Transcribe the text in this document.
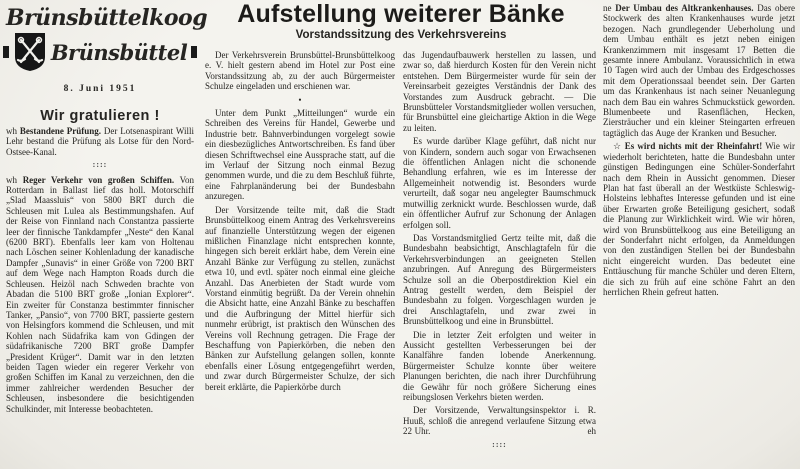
Brünsbüttelkoog
Brünsbüttel
8. Juni 1951
Wir gratulieren !

wh Bestandene Prüfung. Der Lotsenaspirant Willi Lehr bestand die Prüfung als Lotse für den Nord-Ostsee-Kanal.

::::

wh Reger Verkehr von großen Schiffen. Von Rotterdam in Ballast lief das holl. Motorschiff „Slad Maassluis“ von 5800 BRT durch die Schleusen mit Lulea als Bestimmungshafen. Auf der Reise von Finnland nach Constantza passierte leer der finnische Tankdampfer „Neste“ den Kanal (6200 BRT). Ebenfalls leer kam von Holtenau nach Löschen seiner Kohlenladung der kanadische Dampfer „Sunavis“ in einer Größe von 7200 BRT auf dem Wege nach Hampton Roads durch die Schleusen. Heizöl nach Schweden brachte von Abadan die 5100 BRT große „Ionian Explorer“. Ein zweiter für Constanza bestimmter finnischer Tanker, „Pansio“, von 7700 BRT, passierte gestern von Helsingfors kommend die Schleusen, und mit Kohlen nach Südafrika kam von Gdingen der südafrikanische 7200 BRT große Dampfer „President Krüger“. Damit war in den letzten beiden Tagen wieder ein regerer Verkehr von großen Schiffen im Kanal zu verzeichnen, den die immer zahlreicher werdenden Besucher der Schleusen, insbesondere die besichtigenden Schulkinder, mit Interesse beobachteten.

Aufstellung weiterer Bänke
Vorstandssitzung des Verkehrsvereins

Der Verkehrsverein Brunsbüttel-Brunsbüttelkoog e. V. hielt gestern abend im Hotel zur Post eine Vorstandssitzung ab, zu der auch Bürgermeister Schulze eingeladen und erschienen war.

•

Unter dem Punkt „Mitteilungen“ wurde ein Schreiben des Vereins für Handel, Gewerbe und Industrie betr. Bahnverbindungen vorgelegt sowie ein diesbezügliches Antwortschreiben. Es fand über diesen Schriftwechsel eine Aussprache statt, auf die im Verlauf der Sitzung noch einmal Bezug genommen wurde, und die zu dem Beschluß führte, eine Fahrplanänderung bei der Bundesbahn anzuregen.

Der Vorsitzende teilte mit, daß die Stadt Brunsbüttelkoog einem Antrag des Verkehrsvereins auf finanzielle Unterstützung wegen der eigenen mißlichen Finanzlage nicht entsprechen konnte, hingegen sich bereit erklärt habe, dem Verein eine Anzahl Bänke zur Verfügung zu stellen, zunächst etwa 10, und evtl. später noch einmal eine gleiche Anzahl. Das Anerbieten der Stadt wurde vom Vorstand einmütig begrüßt. Da der Verein ohnehin die Absicht hatte, eine Anzahl Bänke zu beschaffen und die Aufbringung der Mittel hierfür sich nunmehr erübrigt, ist praktisch den Wünschen des Vereins voll Rechnung getragen. Die Frage der Beschaffung von Papierkörben, die neben den Bänken zur Aufstellung gelangen sollen, konnte ebenfalls einer Lösung entgegengeführt werden, und zwar durch Bürgermeister Schulze, der sich bereit erklärte, die Papierkörbe durch

das Jugendaufbauwerk herstellen zu lassen, und zwar so, daß hierdurch Kosten für den Verein nicht entstehen. Dem Bürgermeister wurde für sein der Vereinsarbeit gezeigtes Verständnis der Dank des Vorstandes zum Ausdruck gebracht. — Die Brunsbütteler Vorstandsmitglieder wollen versuchen, für Brunsbüttel eine gleichartige Aktion in die Wege zu leiten.

Es wurde darüber Klage geführt, daß nicht nur von Kindern, sondern auch sogar von Erwachsenen die öffentlichen Anlagen nicht die schonende Behandlung erfahren, wie es im Interesse der Allgemeinheit notwendig ist. Besonders wurde verurteilt, daß sogar neu angelegter Baumschmuck mutwillig zerknickt wurde. Beschlossen wurde, daß ein öffentlicher Aufruf zur Schonung der Anlagen erfolgen soll.

Das Vorstandsmitglied Gertz teilte mit, daß die Bundesbahn beabsichtigt, Anschlagtafeln für die Verkehrsverbindungen an geeigneten Stellen anzubringen. Auf Anregung des Bürgermeisters Schulze soll an die Oberpostdirektion Kiel ein Antrag gestellt werden, dem Beispiel der Bundesbahn zu folgen. Vorgeschlagen wurden je drei Anschlagtafeln, und zwar zwei in Brunsbüttelkoog und eine in Brunsbüttel.

Die in letzter Zeit erfolgten und weiter in Aussicht gestellten Verbesserungen bei der Kanalfähre fanden lobende Anerkennung. Bürgermeister Schulze konnte über weitere Planungen berichten, die nach ihrer Durchführung die Gewähr für noch größere Sicherung eines reibungslosen Verkehrs bieten werden.

Der Vorsitzende, Verwaltungsinspektor i. R. Huuß, schloß die anregend verlaufene Sitzung etwa 22 Uhr.	eh

::::

ne Der Umbau des Altkrankenhauses. Das obere Stockwerk des alten Krankenhauses wurde jetzt bezogen. Nach grundlegender Ueberholung und dem Umbau enthält es jetzt neben einigen Krankenzimmern mit insgesamt 17 Betten die gesamte innere Ambulanz. Voraussichtlich in etwa 10 Tagen wird auch der Umbau des Erdgeschosses mit dem Operationssaal beendet sein. Der Garten um das Krankenhaus ist nach seiner Neuanlegung nach dem Bau ein wahres Schmuckstück geworden. Blumenbeete und Rasenflächen, Hecken, Ziersträucher und ein kleiner Steingarten erfreuen tagtäglich das Auge der Kranken und Besucher.

☆ Es wird nichts mit der Rheinfahrt! Wie wir wiederholt berichteten, hatte die Bundesbahn unter günstigen Bedingungen eine Schüler-Sonderfahrt nach dem Rhein in Aussicht genommen. Dieser Plan hat fast überall an der Westküste Schleswig-Holsteins lebhaftes Interesse gefunden und ist eine über Erwarten große Beteiligung gesichert, sodaß die Planung zur Wirklichkeit wird. Wie wir hören, wird von Brunsbüttelkoog aus eine Beteiligung an der Sonderfahrt nicht erfolgen, da Anmeldungen von den zuständigen Stellen bei der Bundesbahn nicht eingereicht wurden. Das bedeutet eine Enttäuschung für manche Schüler und deren Eltern, die sich zu früh auf eine schöne Fahrt an den herrlichen Rhein gefreut hatten.
